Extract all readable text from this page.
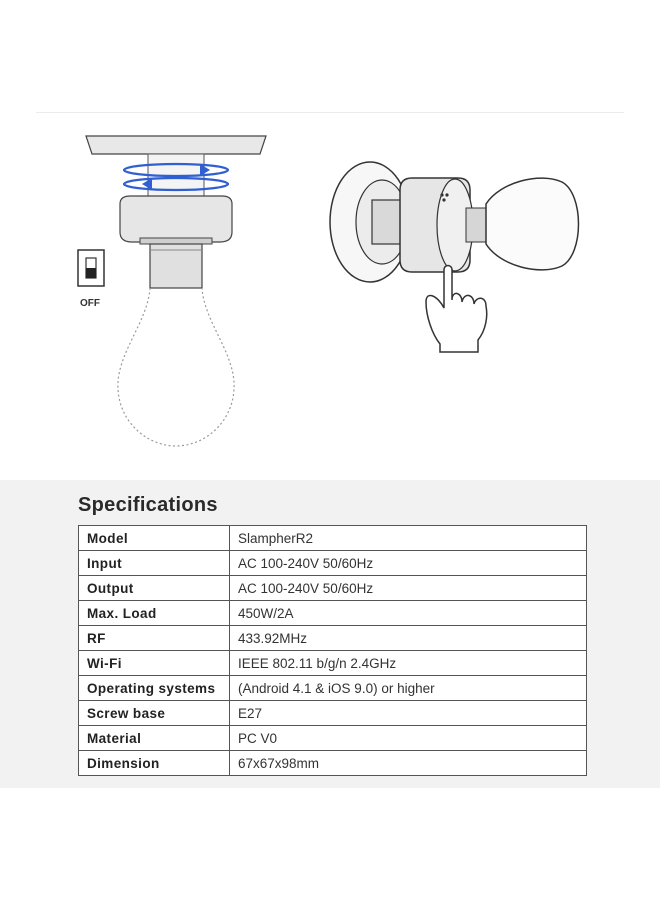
OFF
Specifications
Model	SlampherR2
Input	AC 100-240V 50/60Hz
Output	AC 100-240V 50/60Hz
Max. Load	450W/2A
RF	433.92MHz
Wi-Fi	IEEE 802.11 b/g/n 2.4GHz
Operating systems	(Android 4.1 & iOS 9.0) or higher
Screw base	E27
Material	PC V0
Dimension	67x67x98mm
